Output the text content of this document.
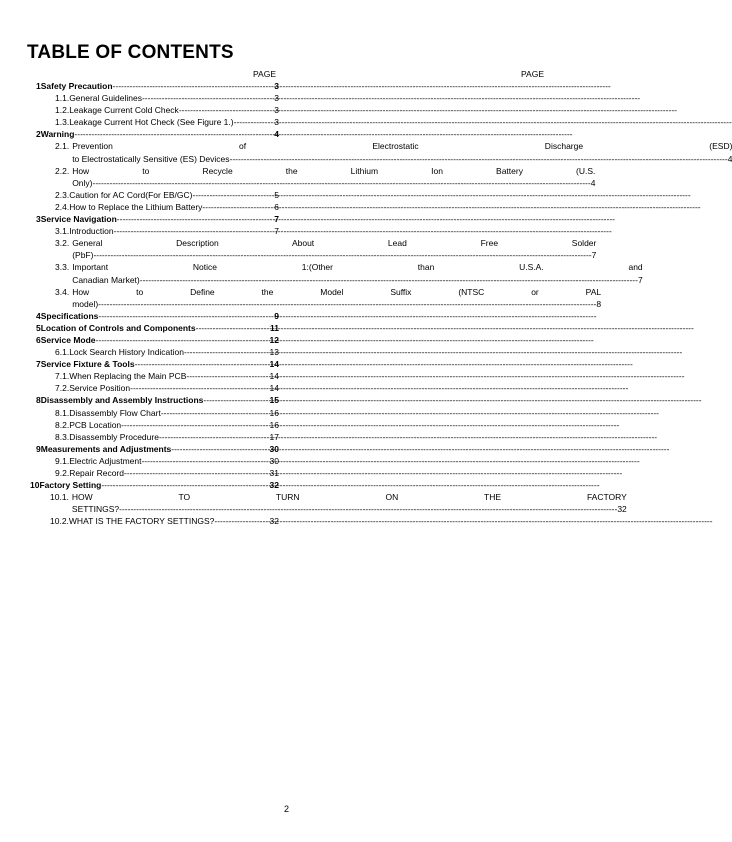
TABLE OF CONTENTS
PAGE	PAGE
1 Safety Precaution -----	3
1.1. General Guidelines -----	3
1.2. Leakage Current Cold Check -----	3
1.3. Leakage Current Hot Check (See Figure 1.) -----	3
2 Warning -----	4
2.1. Prevention of Electrostatic Discharge (ESD)
to Electrostatically Sensitive (ES) Devices -----	4
2.2. How to Recycle the Lithium Ion Battery (U.S.
Only) -----	4
2.3. Caution for AC Cord(For EB/GC) -----	5
2.4. How to Replace the Lithium Battery -----	6
3 Service Navigation -----	7
3.1. Introduction -----	7
3.2. General Description About Lead Free Solder
(PbF) -----	7
3.3. Important Notice 1:(Other than U.S.A. and
Canadian Market) -----	7
3.4. How to Define the Model Suffix (NTSC or PAL
model) -----	8
4 Specifications -----	9
5 Location of Controls and Components -----	11
6 Service Mode -----	12
6.1. Lock Search History Indication -----	13
7 Service Fixture & Tools -----	14
7.1. When Replacing the Main PCB -----	14
7.2. Service Position -----	14
8 Disassembly and Assembly Instructions -----	15
8.1. Disassembly Flow Chart -----	16
8.2. PCB Location -----	16
8.3. Disassembly Procedure -----	17
9 Measurements and Adjustments -----	30
9.1. Electric Adjustment -----	30
9.2. Repair Record -----	31
10 Factory Setting -----	32
10.1. HOW TO TURN ON THE FACTORY
SETTINGS? -----	32
10.2. WHAT IS THE FACTORY SETTINGS? -----	32
2
